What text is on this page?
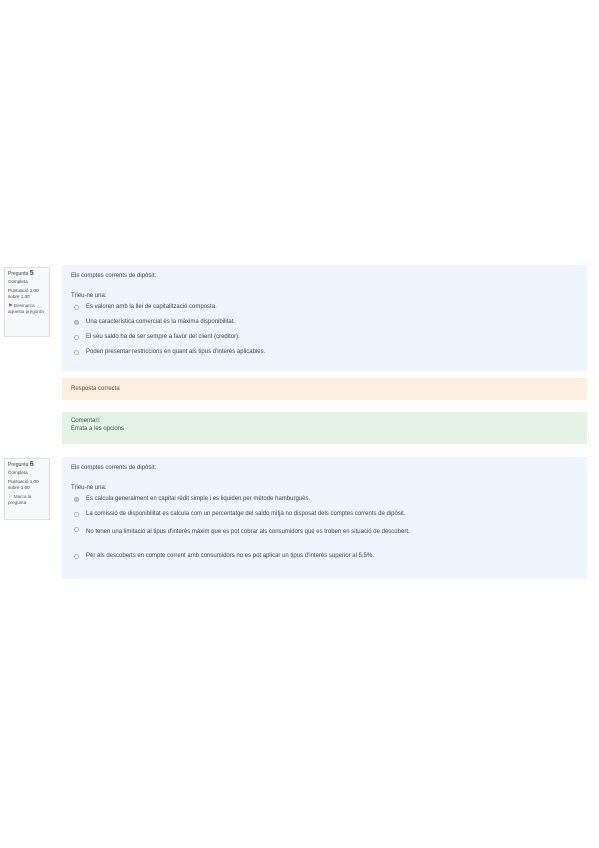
Pregunta 5
Completa
Puntuació 1,00 sobre 1,00
⚑ Desmarca aquesta pregunta
Els comptes corrents de dipòsit:
Trieu-ne una:
Es valoren amb la llei de capitalització composta.
Una característica comercial és la màxima disponibilitat.
El seu saldo ha de ser sempre a favor del client (creditor).
Poden presentar restriccions en quant als tipus d'interès aplicables.
Resposta correcta
Comentari:
Errata a les opcions
Pregunta 6
Completa
Puntuació 1,00 sobre 1,00
⚐ Marca la pregunta
Els comptes corrents de dipòsit:
Trieu-ne una:
Es calcula generalment en capital rèdit simple i es liquiden per mètode hamburguès.
La comissió de disponibilitat es calcula com un percentatge del saldo mitjà no disposat dels comptes corrents de dipòsit.
No tenen una limitació al tipus d'interès màxim que es pot cobrar als consumidors que es troben en situació de descobert.
Per als descoberts en compte corrent amb consumidors no es pot aplicar un tipus d'interès superior al 5,5%.
